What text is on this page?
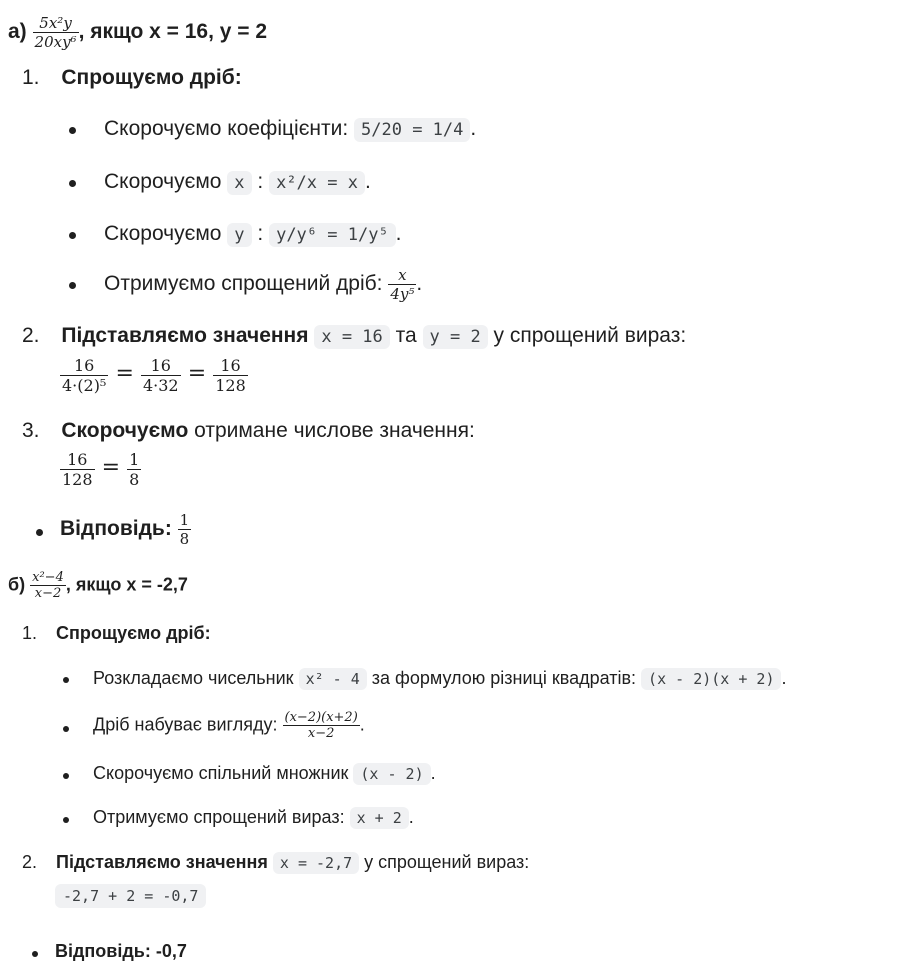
$а) \frac{\text{5x²y}}{\text{20xy⁶}}$ , якщо x = 16, y = 2
1. Спрощуємо дріб:
Скорочуємо коефіцієнти: 5/20 = 1/4 .
Скорочуємо x : x²/x = x .
Скорочуємо y : y/y⁶ = 1/y⁵ .
Отримуємо спрощений дріб: $\frac{x}{\text{4y⁵}}$ .
2. Підставляємо значення x = 16 та y = 2 у спрощений вираз:
$\frac{16}{\text{4·(2)⁵}} = \frac{16}{4\cdot 32} = \frac{16}{128}$
3. Скорочуємо отримане числове значення:
$\frac{16}{128} = \frac{1}{8}$
Відповідь: $\frac{1}{8}$
$б) \frac{\text{x²−4}}{x-2}$ , якщо x = -2,7
1. Спрощуємо дріб:
Розкладаємо чисельник x² - 4 за формулою різниці квадратів: (x - 2)(x + 2) .
Дріб набуває вигляду: $\frac{(x-2)(x+2)}{x-2}$ .
Скорочуємо спільний множник (x - 2) .
Отримуємо спрощений вираз: x + 2 .
2. Підставляємо значення x = -2,7 у спрощений вираз:
-2,7 + 2 = -0,7
Відповідь: -0,7
